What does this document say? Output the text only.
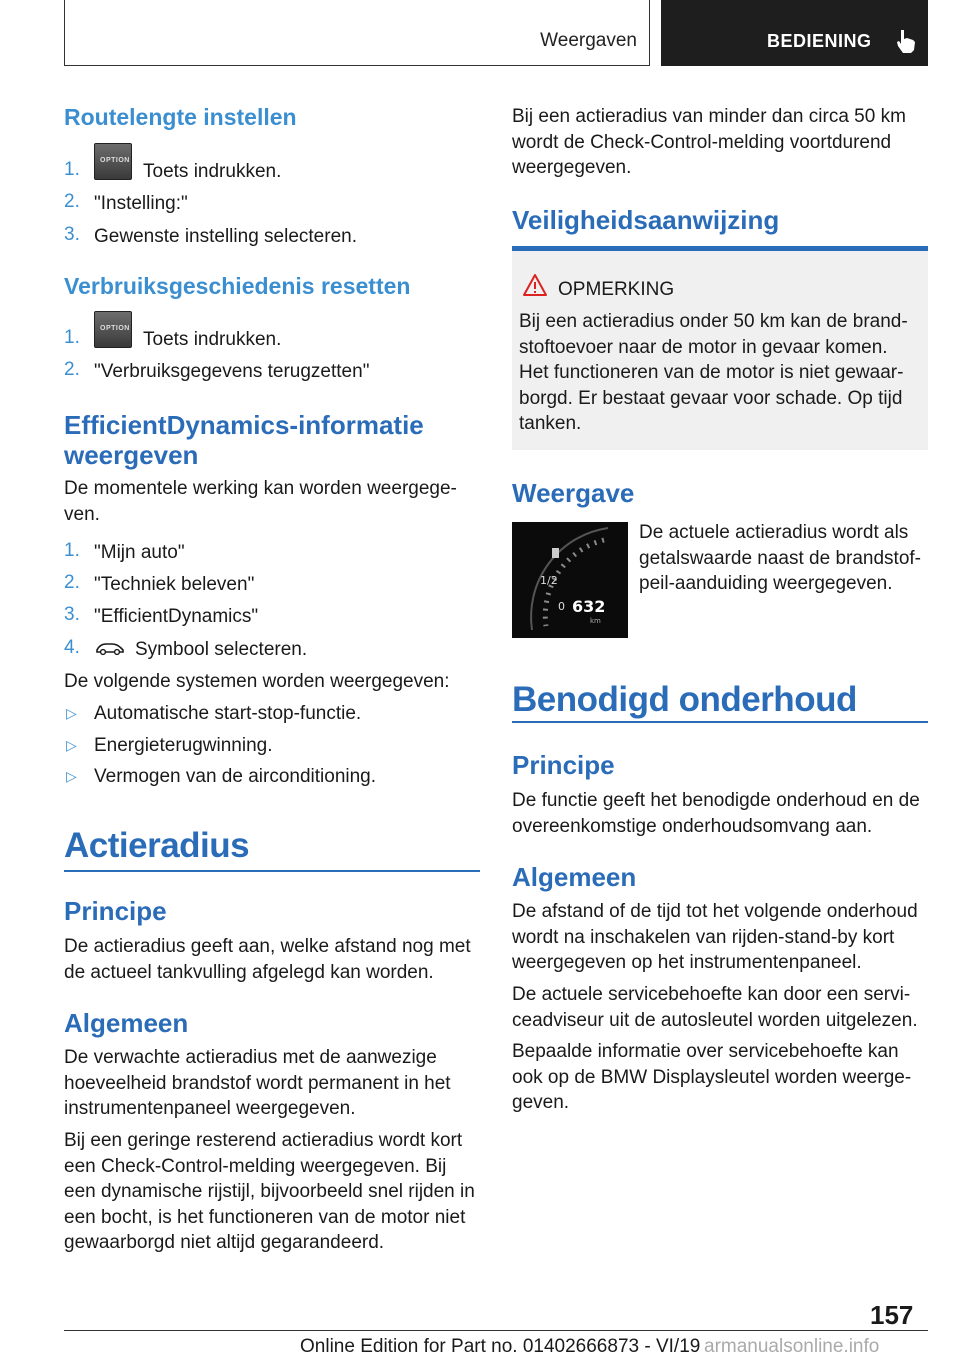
Weergaven	BEDIENING
Routelengte instellen
1.	OPTION
Toets indrukken.
2. "Instelling:"
3. Gewenste instelling selecteren.
Verbruiksgeschiedenis resetten
1.	OPTION
Toets indrukken.
2. "Verbruiksgegevens terugzetten"
EfficientDynamics-informatie
weergeven
De momentele werking kan worden weergege-
ven.
1. "Mijn auto"
2. "Techniek beleven"
3. "EfficientDynamics"
4.	Symbool selecteren.
De volgende systemen worden weergegeven:
▷ Automatische start-stop-functie.
▷ Energieterugwinning.
▷ Vermogen van de airconditioning.
Actieradius
Principe
De actieradius geeft aan, welke afstand nog met
de actueel tankvulling afgelegd kan worden.
Algemeen
De verwachte actieradius met de aanwezige
hoeveelheid brandstof wordt permanent in het
instrumentenpaneel weergegeven.
Bij een geringe resterend actieradius wordt kort
een Check-Control-melding weergegeven. Bij
een dynamische rijstijl, bijvoorbeeld snel rijden in
een bocht, is het functioneren van de motor niet
gewaarborgd niet altijd gegarandeerd.
Bij een actieradius van minder dan circa 50 km
wordt de Check-Control-melding voortdurend
weergegeven.
Veiligheidsaanwijzing
OPMERKING
Bij een actieradius onder 50 km kan de brand-
stoftoevoer naar de motor in gevaar komen.
Het functioneren van de motor is niet gewaar-
borgd. Er bestaat gevaar voor schade. Op tijd
tanken.
Weergave
1/2
0 632
km
De actuele actieradius wordt als
getalswaarde naast de brandstof-
peil-aanduiding weergegeven.
Benodigd onderhoud
Principe
De functie geeft het benodigde onderhoud en de
overeenkomstige onderhoudsomvang aan.
Algemeen
De afstand of de tijd tot het volgende onderhoud
wordt na inschakelen van rijden-stand-by kort
weergegeven op het instrumentenpaneel.
De actuele servicebehoefte kan door een servi-
ceadviseur uit de autosleutel worden uitgelezen.
Bepaalde informatie over servicebehoefte kan
ook op de BMW Displaysleutel worden weerge-
geven.
157
Online Edition for Part no. 01402666873 - VI/19 armanualsonline.info
